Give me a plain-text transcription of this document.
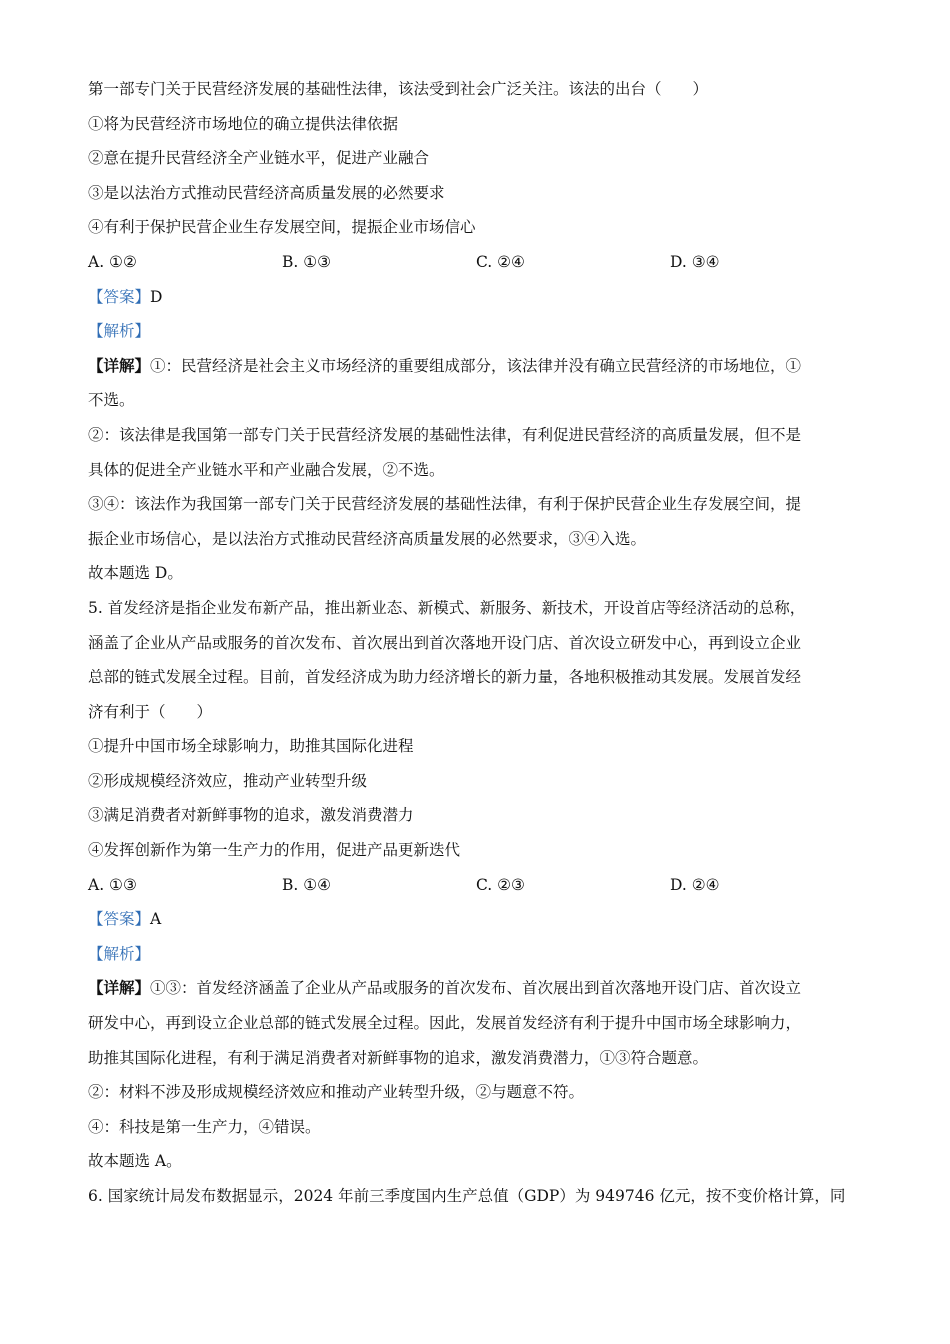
第一部专门关于民营经济发展的基础性法律，该法受到社会广泛关注。该法的出台（　　）
①将为民营经济市场地位的确立提供法律依据
②意在提升民营经济全产业链水平，促进产业融合
③是以法治方式推动民营经济高质量发展的必然要求
④有利于保护民营企业生存发展空间，提振企业市场信心
A. ①②	B. ①③	C. ②④	D. ③④
【答案】D
【解析】
【详解】①：民营经济是社会主义市场经济的重要组成部分，该法律并没有确立民营经济的市场地位，①
不选。
②：该法律是我国第一部专门关于民营经济发展的基础性法律，有利促进民营经济的高质量发展，但不是
具体的促进全产业链水平和产业融合发展，②不选。
③④：该法作为我国第一部专门关于民营经济发展的基础性法律，有利于保护民营企业生存发展空间，提
振企业市场信心，是以法治方式推动民营经济高质量发展的必然要求，③④入选。
故本题选 D。
5. 首发经济是指企业发布新产品，推出新业态、新模式、新服务、新技术，开设首店等经济活动的总称，
涵盖了企业从产品或服务的首次发布、首次展出到首次落地开设门店、首次设立研发中心，再到设立企业
总部的链式发展全过程。目前，首发经济成为助力经济增长的新力量，各地积极推动其发展。发展首发经
济有利于（　　）
①提升中国市场全球影响力，助推其国际化进程
②形成规模经济效应，推动产业转型升级
③满足消费者对新鲜事物的追求，激发消费潜力
④发挥创新作为第一生产力的作用，促进产品更新迭代
A. ①③	B. ①④	C. ②③	D. ②④
【答案】A
【解析】
【详解】①③：首发经济涵盖了企业从产品或服务的首次发布、首次展出到首次落地开设门店、首次设立
研发中心，再到设立企业总部的链式发展全过程。因此，发展首发经济有利于提升中国市场全球影响力，
助推其国际化进程，有利于满足消费者对新鲜事物的追求，激发消费潜力，①③符合题意。
②：材料不涉及形成规模经济效应和推动产业转型升级，②与题意不符。
④：科技是第一生产力，④错误。
故本题选 A。
6. 国家统计局发布数据显示，2024 年前三季度国内生产总值（GDP）为 949746 亿元，按不变价格计算，同
